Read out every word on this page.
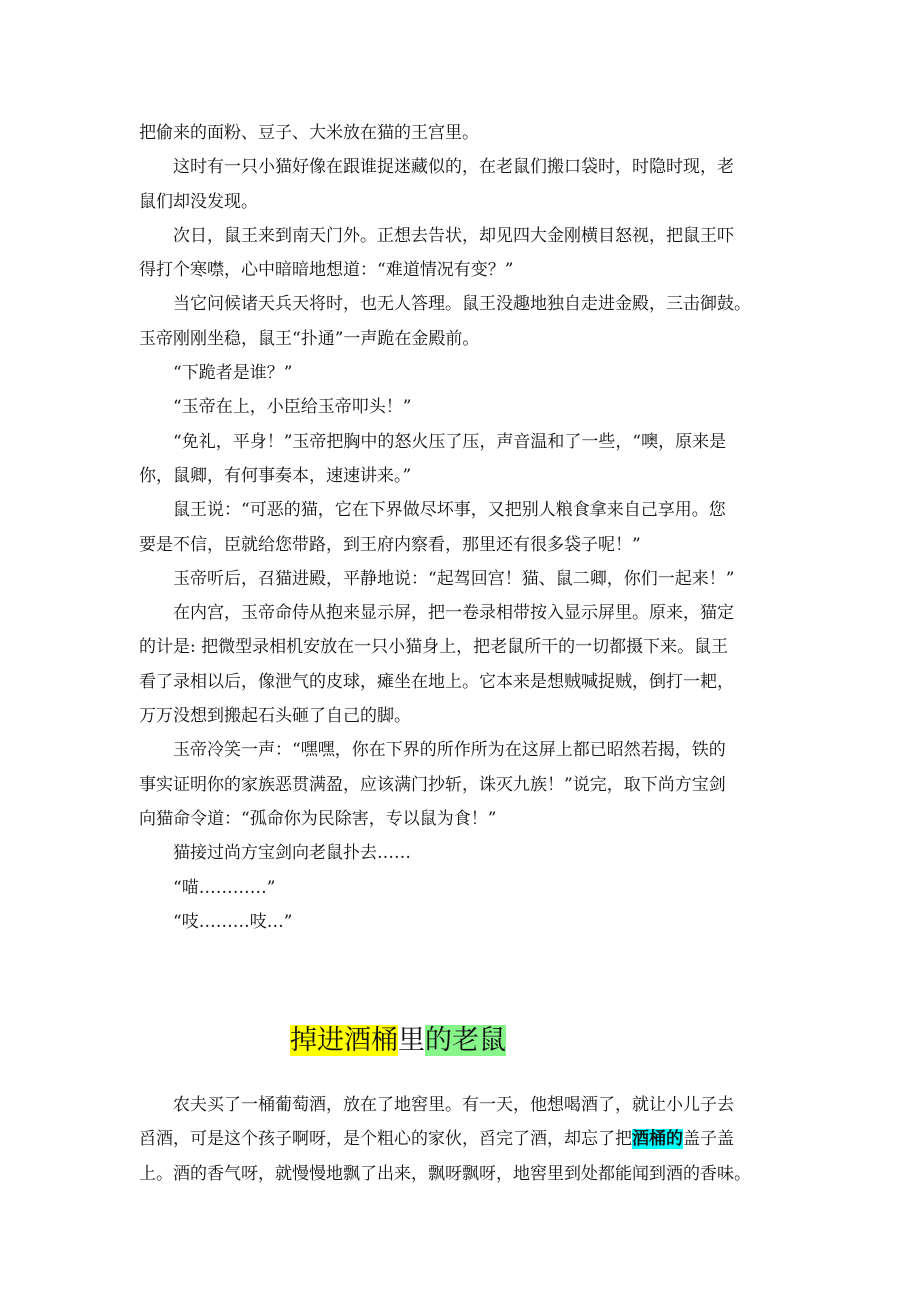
把偷来的面粉、豆子、大米放在猫的王宫里。

这时有一只小猫好像在跟谁捉迷藏似的，在老鼠们搬口袋时，时隐时现，老
鼠们却没发现。

次日，鼠王来到南天门外。正想去告状，却见四大金刚横目怒视，把鼠王吓
得打个寒噤，心中暗暗地想道：“难道情况有变？”

当它问候诸天兵天将时，也无人答理。鼠王没趣地独自走进金殿，三击御鼓。
玉帝刚刚坐稳，鼠王“扑通”一声跪在金殿前。

“下跪者是谁？”

“玉帝在上，小臣给玉帝叩头！”

“免礼，平身！”玉帝把胸中的怒火压了压，声音温和了一些，“噢，原来是
你，鼠卿，有何事奏本，速速讲来。”

鼠王说：“可恶的猫，它在下界做尽坏事，又把别人粮食拿来自己享用。您
要是不信，臣就给您带路，到王府内察看，那里还有很多袋子呢！”

玉帝听后，召猫进殿，平静地说：“起驾回宫！猫、鼠二卿，你们一起来！”

在内宫，玉帝命侍从抱来显示屏，把一卷录相带按入显示屏里。原来，猫定
的计是: 把微型录相机安放在一只小猫身上，把老鼠所干的一切都摄下来。鼠王
看了录相以后，像泄气的皮球，瘫坐在地上。它本来是想贼喊捉贼，倒打一耙，
万万没想到搬起石头砸了自己的脚。

玉帝冷笑一声：“嘿嘿，你在下界的所作所为在这屏上都已昭然若揭，铁的
事实证明你的家族恶贯满盈，应该满门抄斩，诛灭九族！”说完，取下尚方宝剑
向猫命令道：“孤命你为民除害，专以鼠为食！”

猫接过尚方宝剑向老鼠扑去……

“喵…………”

“吱………吱…”

掉进酒桶里的老鼠

农夫买了一桶葡萄酒，放在了地窖里。有一天，他想喝酒了，就让小儿子去
舀酒，可是这个孩子啊呀，是个粗心的家伙，舀完了酒，却忘了把酒桶的盖子盖
上。酒的香气呀，就慢慢地飘了出来，飘呀飘呀，地窖里到处都能闻到酒的香味。
